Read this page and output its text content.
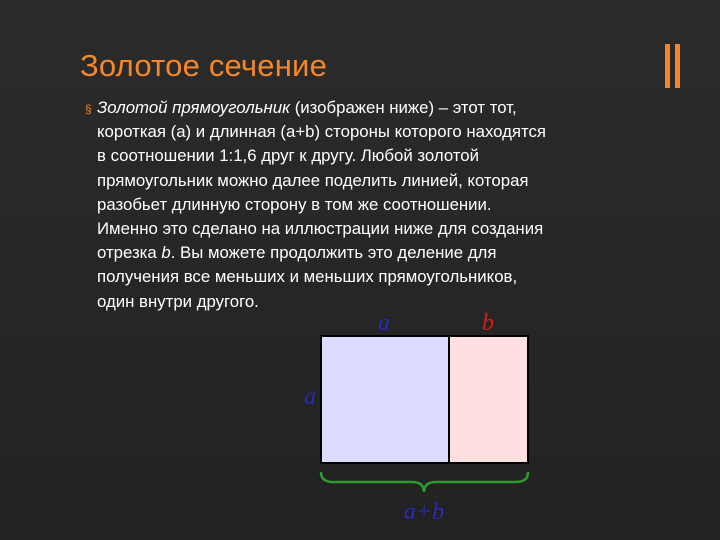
Золотое сечение
§ Золотой прямоугольник (изображен ниже) – этот тот,
короткая (a) и длинная (a+b) стороны которого находятся
в соотношении 1:1,6 друг к другу. Любой золотой
прямоугольник можно далее поделить линией, которая
разобьет длинную сторону в том же соотношении.
Именно это сделано на иллюстрации ниже для создания
отрезка b. Вы можете продолжить это деление для
получения все меньших и меньших прямоугольников,
один внутри другого.
a	b
a
a+b
